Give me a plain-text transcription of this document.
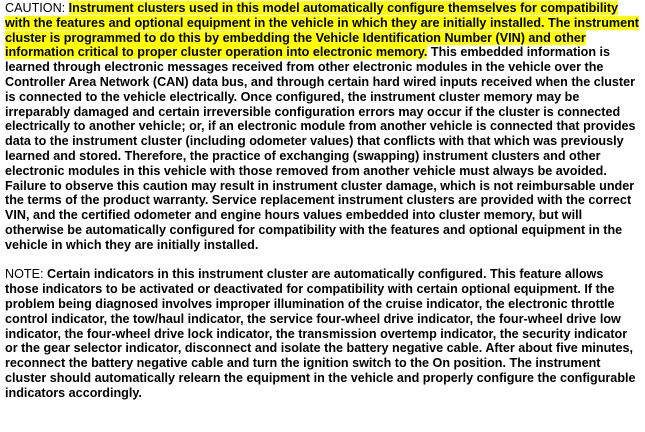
CAUTION: Instrument clusters used in this model automatically configure themselves for compatibility with the features and optional equipment in the vehicle in which they are initially installed. The instrument cluster is programmed to do this by embedding the Vehicle Identification Number (VIN) and other information critical to proper cluster operation into electronic memory. This embedded information is learned through electronic messages received from other electronic modules in the vehicle over the Controller Area Network (CAN) data bus, and through certain hard wired inputs received when the cluster is connected to the vehicle electrically. Once configured, the instrument cluster memory may be irreparably damaged and certain irreversible configuration errors may occur if the cluster is connected electrically to another vehicle; or, if an electronic module from another vehicle is connected that provides data to the instrument cluster (including odometer values) that conflicts with that which was previously learned and stored. Therefore, the practice of exchanging (swapping) instrument clusters and other electronic modules in this vehicle with those removed from another vehicle must always be avoided. Failure to observe this caution may result in instrument cluster damage, which is not reimbursable under the terms of the product warranty. Service replacement instrument clusters are provided with the correct VIN, and the certified odometer and engine hours values embedded into cluster memory, but will otherwise be automatically configured for compatibility with the features and optional equipment in the vehicle in which they are initially installed.

NOTE: Certain indicators in this instrument cluster are automatically configured. This feature allows those indicators to be activated or deactivated for compatibility with certain optional equipment. If the problem being diagnosed involves improper illumination of the cruise indicator, the electronic throttle control indicator, the tow/haul indicator, the service four-wheel drive indicator, the four-wheel drive low indicator, the four-wheel drive lock indicator, the transmission overtemp indicator, the security indicator or the gear selector indicator, disconnect and isolate the battery negative cable. After about five minutes, reconnect the battery negative cable and turn the ignition switch to the On position. The instrument cluster should automatically relearn the equipment in the vehicle and properly configure the configurable indicators accordingly.
